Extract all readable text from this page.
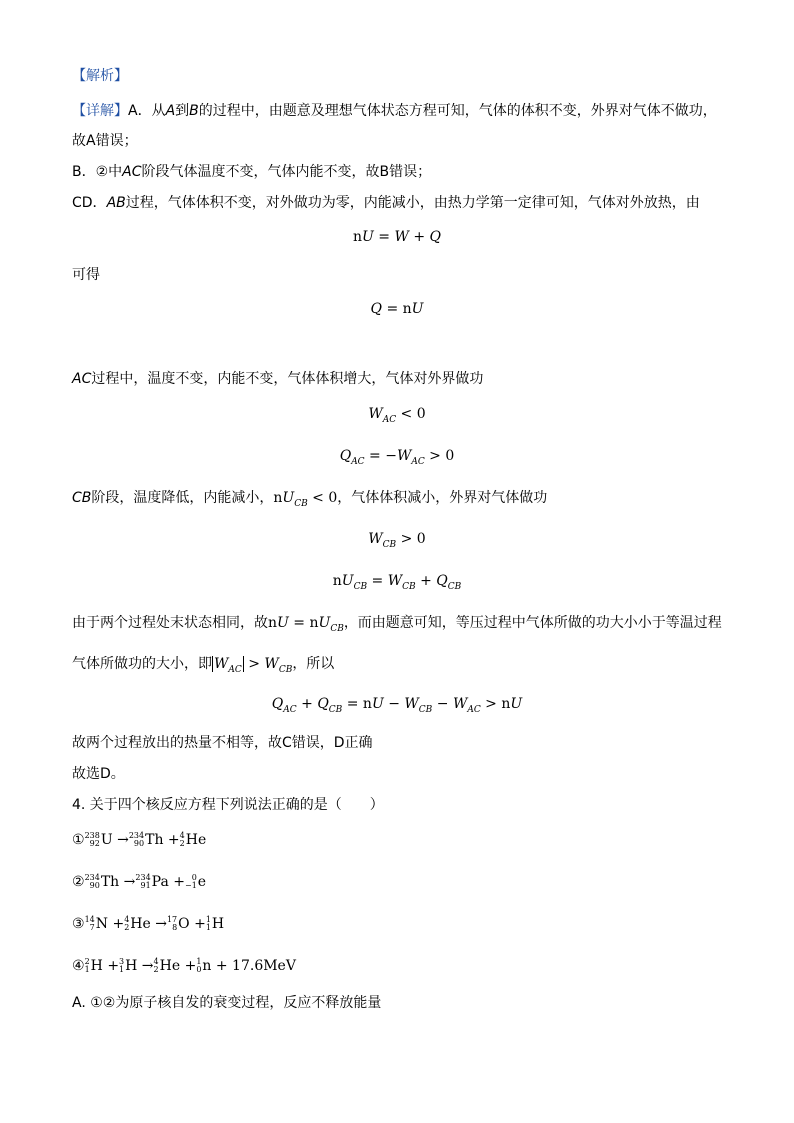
【解析】
【详解】A．从A到B的过程中，由题意及理想气体状态方程可知，气体的体积不变，外界对气体不做功，
故A错误；
B．②中AC阶段气体温度不变，气体内能不变，故B错误；
CD．AB过程，气体体积不变，对外做功为零，内能减小，由热力学第一定律可知，气体对外放热，由
nU = W + Q
可得
Q = nU
AC过程中，温度不变，内能不变，气体体积增大，气体对外界做功
$W_{AC} < 0$
$Q_{AC} = -W_{AC} > 0$
CB阶段，温度降低，内能减小，$nU_{CB} < 0$，气体体积减小，外界对气体做功
$W_{CB} > 0$
$nU_{CB} = W_{CB} + Q_{CB}$
由于两个过程处末状态相同，故nU = $nU_{CB}$，而由题意可知，等压过程中气体所做的功大小小于等温过程
气体所做功的大小，即 $W_{AC} > W_{CB}$，所以
$Q_{AC} + Q_{CB}$ = nU − $W_{CB} - W_{AC}$ > nU
故两个过程放出的热量不相等，故C错误，D正确
故选D。
4. 关于四个核反应方程下列说法正确的是（　　）
① 238
92 U → 234
90 Th + 4
2 He
② 234
90 Th → 234
91 Pa + 0
−1 e
③ 14
7 N + 4
2 He → 17
8 O + 1
1 H
④ 2
1 H + 3
1 H → 4
2 He + 1
0 n + 17.6MeV
A. ①②为原子核自发的衰变过程，反应不释放能量
